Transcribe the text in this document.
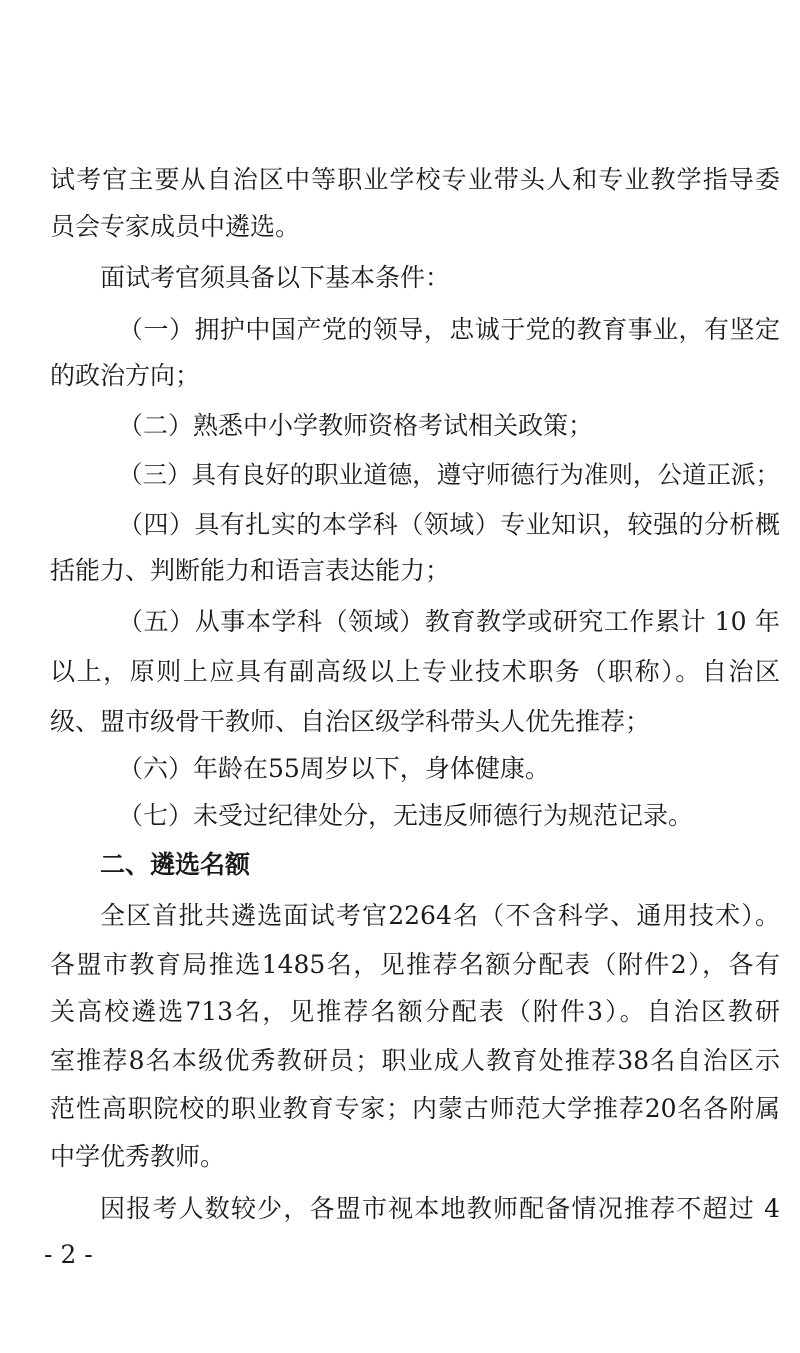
试考官主要从自治区中等职业学校专业带头人和专业教学指导委
员会专家成员中遴选。
面试考官须具备以下基本条件：
（一）拥护中国产党的领导，忠诚于党的教育事业，有坚定
的政治方向；
（二）熟悉中小学教师资格考试相关政策；
（三）具有良好的职业道德，遵守师德行为准则，公道正派；
（四）具有扎实的本学科（领域）专业知识，较强的分析概
括能力、判断能力和语言表达能力；
（五）从事本学科（领域）教育教学或研究工作累计 10 年
以上，原则上应具有副高级以上专业技术职务（职称）。自治区
级、盟市级骨干教师、自治区级学科带头人优先推荐；
（六）年龄在55周岁以下，身体健康。
（七）未受过纪律处分，无违反师德行为规范记录。
二、遴选名额
全区首批共遴选面试考官2264名（不含科学、通用技术）。
各盟市教育局推选1485名，见推荐名额分配表（附件2），各有
关高校遴选713名，见推荐名额分配表（附件3）。自治区教研
室推荐8名本级优秀教研员；职业成人教育处推荐38名自治区示
范性高职院校的职业教育专家；内蒙古师范大学推荐20名各附属
中学优秀教师。
因报考人数较少，各盟市视本地教师配备情况推荐不超过 4
- 2 -
